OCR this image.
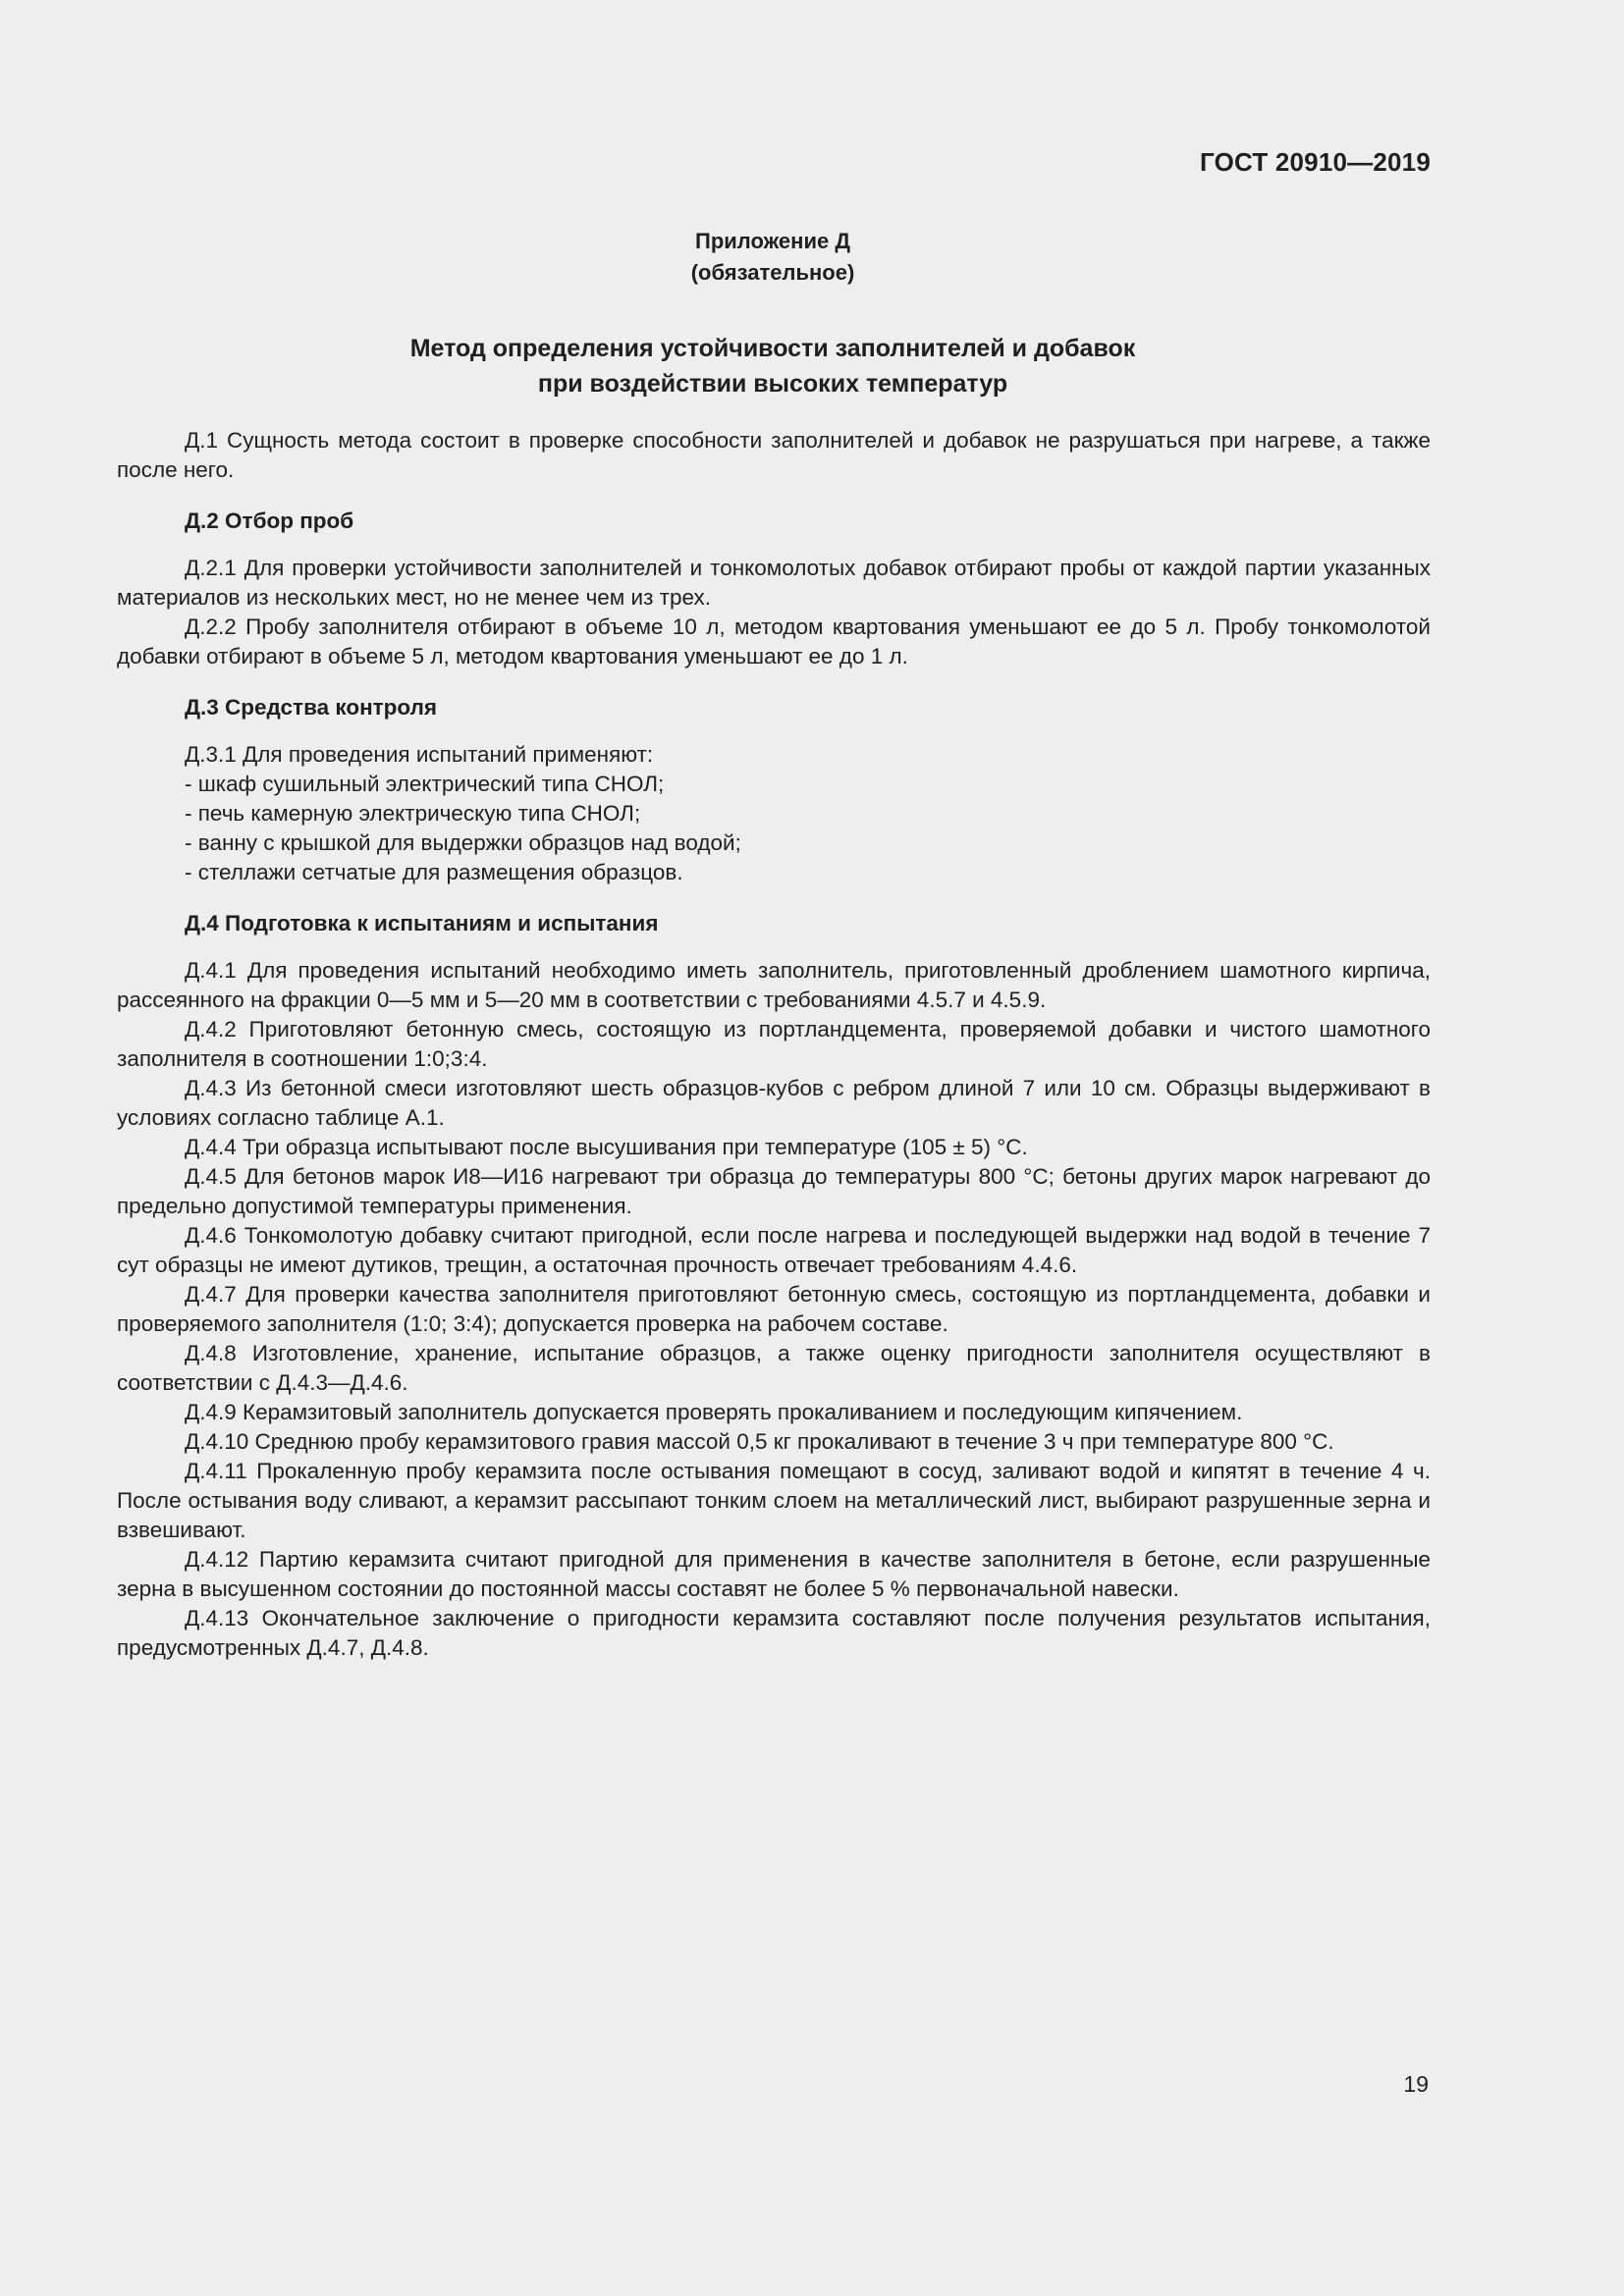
ГОСТ 20910—2019
Приложение Д
(обязательное)
Метод определения устойчивости заполнителей и добавок
при воздействии высоких температур

Д.1 Сущность метода состоит в проверке способности заполнителей и добавок не разрушаться при нагреве, а также после него.

Д.2 Отбор проб

Д.2.1 Для проверки устойчивости заполнителей и тонкомолотых добавок отбирают пробы от каждой партии указанных материалов из нескольких мест, но не менее чем из трех.

Д.2.2 Пробу заполнителя отбирают в объеме 10 л, методом квартования уменьшают ее до 5 л. Пробу тонкомолотой добавки отбирают в объеме 5 л, методом квартования уменьшают ее до 1 л.

Д.3 Средства контроля

Д.3.1 Для проведения испытаний применяют:

- шкаф сушильный электрический типа СНОЛ;

- печь камерную электрическую типа СНОЛ;

- ванну с крышкой для выдержки образцов над водой;

- стеллажи сетчатые для размещения образцов.

Д.4 Подготовка к испытаниям и испытания

Д.4.1 Для проведения испытаний необходимо иметь заполнитель, приготовленный дроблением шамотного кирпича, рассеянного на фракции 0—5 мм и 5—20 мм в соответствии с требованиями 4.5.7 и 4.5.9.

Д.4.2 Приготовляют бетонную смесь, состоящую из портландцемента, проверяемой добавки и чистого шамотного заполнителя в соотношении 1:0;3:4.

Д.4.3 Из бетонной смеси изготовляют шесть образцов-кубов с ребром длиной 7 или 10 см. Образцы выдерживают в условиях согласно таблице А.1.

Д.4.4 Три образца испытывают после высушивания при температуре (105 ± 5) °С.

Д.4.5 Для бетонов марок И8—И16 нагревают три образца до температуры 800 °С; бетоны других марок нагревают до предельно допустимой температуры применения.

Д.4.6 Тонкомолотую добавку считают пригодной, если после нагрева и последующей выдержки над водой в течение 7 сут образцы не имеют дутиков, трещин, а остаточная прочность отвечает требованиям 4.4.6.

Д.4.7 Для проверки качества заполнителя приготовляют бетонную смесь, состоящую из портландцемента, добавки и проверяемого заполнителя (1:0; 3:4); допускается проверка на рабочем составе.

Д.4.8 Изготовление, хранение, испытание образцов, а также оценку пригодности заполнителя осуществляют в соответствии с Д.4.3—Д.4.6.

Д.4.9 Керамзитовый заполнитель допускается проверять прокаливанием и последующим кипячением.

Д.4.10 Среднюю пробу керамзитового гравия массой 0,5 кг прокаливают в течение 3 ч при температуре 800 °С.

Д.4.11 Прокаленную пробу керамзита после остывания помещают в сосуд, заливают водой и кипятят в течение 4 ч. После остывания воду сливают, а керамзит рассыпают тонким слоем на металлический лист, выбирают разрушенные зерна и взвешивают.

Д.4.12 Партию керамзита считают пригодной для применения в качестве заполнителя в бетоне, если разрушенные зерна в высушенном состоянии до постоянной массы составят не более 5 % первоначальной навески.

Д.4.13 Окончательное заключение о пригодности керамзита составляют после получения результатов испытания, предусмотренных Д.4.7, Д.4.8.

19
